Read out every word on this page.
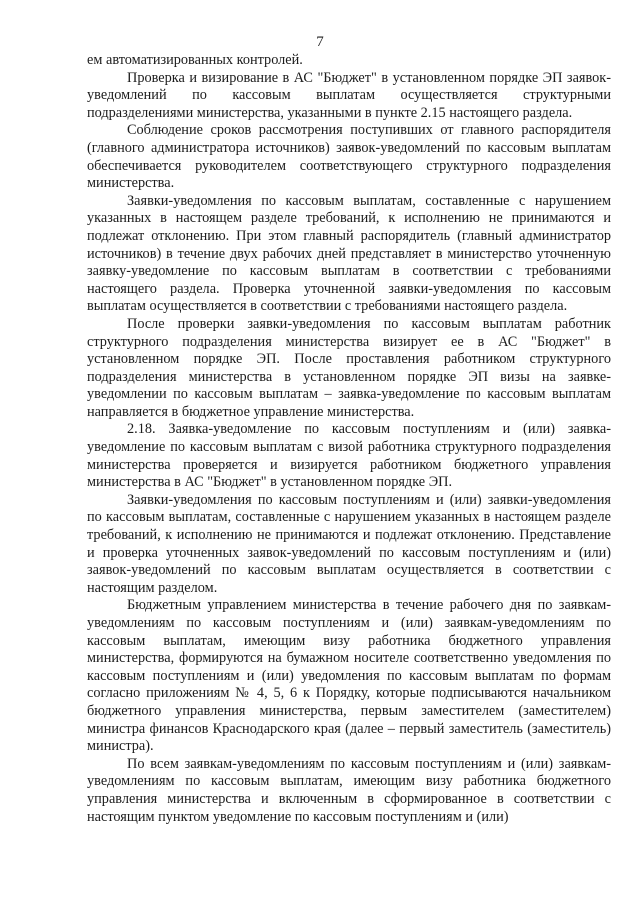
7

ем автоматизированных контролей.

Проверка и визирование в АС "Бюджет" в установленном порядке ЭП заявок-уведомлений по кассовым выплатам осуществляется структурными подразделениями министерства, указанными в пункте 2.15 настоящего раздела.

Соблюдение сроков рассмотрения поступивших от главного распорядителя (главного администратора источников) заявок-уведомлений по кассовым выплатам обеспечивается руководителем соответствующего структурного подразделения министерства.

Заявки-уведомления по кассовым выплатам, составленные с нарушением указанных в настоящем разделе требований, к исполнению не принимаются и подлежат отклонению. При этом главный распорядитель (главный администратор источников) в течение двух рабочих дней представляет в министерство уточненную заявку-уведомление по кассовым выплатам в соответствии с требованиями настоящего раздела. Проверка уточненной заявки-уведомления по кассовым выплатам осуществляется в соответствии с требованиями настоящего раздела.

После проверки заявки-уведомления по кассовым выплатам работник структурного подразделения министерства визирует ее в АС "Бюджет" в установленном порядке ЭП. После проставления работником структурного подразделения министерства в установленном порядке ЭП визы на заявке-уведомлении по кассовым выплатам – заявка-уведомление по кассовым выплатам направляется в бюджетное управление министерства.

2.18. Заявка-уведомление по кассовым поступлениям и (или) заявка-уведомление по кассовым выплатам с визой работника структурного подразделения министерства проверяется и визируется работником бюджетного управления министерства в АС "Бюджет" в установленном порядке ЭП.

Заявки-уведомления по кассовым поступлениям и (или) заявки-уведомления по кассовым выплатам, составленные с нарушением указанных в настоящем разделе требований, к исполнению не принимаются и подлежат отклонению. Представление и проверка уточненных заявок-уведомлений по кассовым поступлениям и (или) заявок-уведомлений по кассовым выплатам осуществляется в соответствии с настоящим разделом.

Бюджетным управлением министерства в течение рабочего дня по заявкам-уведомлениям по кассовым поступлениям и (или) заявкам-уведомлениям по кассовым выплатам, имеющим визу работника бюджетного управления министерства, формируются на бумажном носителе соответственно уведомления по кассовым поступлениям и (или) уведомления по кассовым выплатам по формам согласно приложениям № 4, 5, 6 к Порядку, которые подписываются начальником бюджетного управления министерства, первым заместителем (заместителем) министра финансов Краснодарского края (далее – первый заместитель (заместитель) министра).

По всем заявкам-уведомлениям по кассовым поступлениям и (или) заявкам-уведомлениям по кассовым выплатам, имеющим визу работника бюджетного управления министерства и включенным в сформированное в соответствии с настоящим пунктом уведомление по кассовым поступлениям и (или)
